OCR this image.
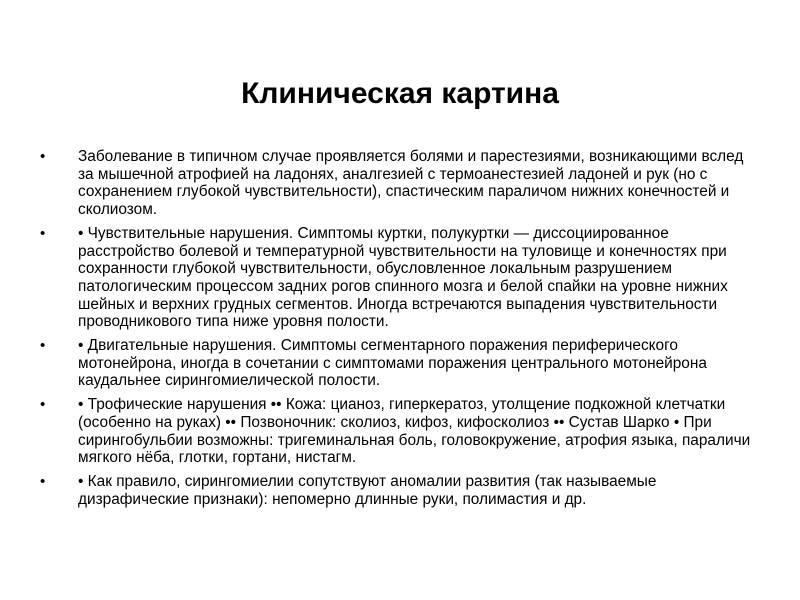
Клиническая картина
• Заболевание в типичном случае проявляется болями и парестезиями, возникающими вслед за мышечной атрофией на ладонях, аналгезией с термоанестезией ладоней и рук (но с сохранением глубокой чувствительности), спастическим параличом нижних конечностей и сколиозом.
• • Чувствительные нарушения. Симптомы куртки, полукуртки — диссоциированное расстройство болевой и температурной чувствительности на туловище и конечностях при сохранности глубокой чувствительности, обусловленное локальным разрушением патологическим процессом задних рогов спинного мозга и белой спайки на уровне нижних шейных и верхних грудных сегментов. Иногда встречаются выпадения чувствительности проводникового типа ниже уровня полости.
• • Двигательные нарушения. Симптомы сегментарного поражения периферического мотонейрона, иногда в сочетании с симптомами поражения центрального мотонейрона каудальнее сирингомиелической полости.
• • Трофические нарушения •• Кожа: цианоз, гиперкератоз, утолщение подкожной клетчатки (особенно на руках) •• Позвоночник: сколиоз, кифоз, кифосколиоз •• Сустав Шарко • При сирингобульбии возможны: тригеминальная боль, головокружение, атрофия языка, параличи мягкого нёба, глотки, гортани, нистагм.
• • Как правило, сирингомиелии сопутствуют аномалии развития (так называемые дизрафические признаки): непомерно длинные руки, полимастия и др.
